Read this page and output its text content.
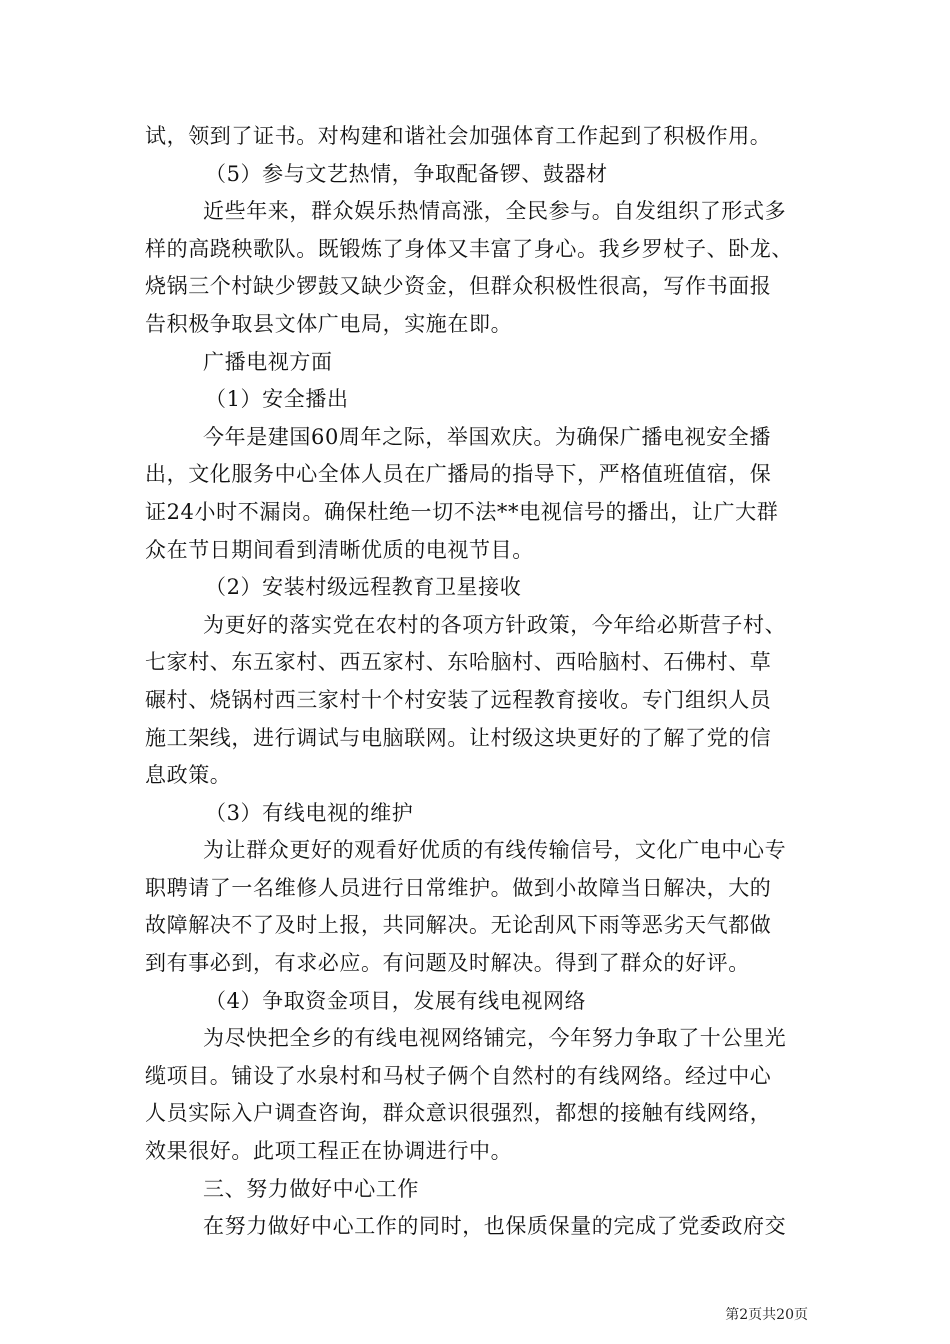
试，领到了证书。对构建和谐社会加强体育工作起到了积极作用。
（5）参与文艺热情，争取配备锣、鼓器材
近些年来，群众娱乐热情高涨，全民参与。自发组织了形式多
样的高跷秧歌队。既锻炼了身体又丰富了身心。我乡罗杖子、卧龙、
烧锅三个村缺少锣鼓又缺少资金，但群众积极性很高，写作书面报
告积极争取县文体广电局，实施在即。
广播电视方面
（1）安全播出
今年是建国60周年之际，举国欢庆。为确保广播电视安全播
出，文化服务中心全体人员在广播局的指导下，严格值班值宿，保
证24小时不漏岗。确保杜绝一切不法**电视信号的播出，让广大群
众在节日期间看到清晰优质的电视节目。
（2）安装村级远程教育卫星接收
为更好的落实党在农村的各项方针政策，今年给必斯营子村、
七家村、东五家村、西五家村、东哈脑村、西哈脑村、石佛村、草
碾村、烧锅村西三家村十个村安装了远程教育接收。专门组织人员
施工架线，进行调试与电脑联网。让村级这块更好的了解了党的信
息政策。
（3）有线电视的维护
为让群众更好的观看好优质的有线传输信号，文化广电中心专
职聘请了一名维修人员进行日常维护。做到小故障当日解决，大的
故障解决不了及时上报，共同解决。无论刮风下雨等恶劣天气都做
到有事必到，有求必应。有问题及时解决。得到了群众的好评。
（4）争取资金项目，发展有线电视网络
为尽快把全乡的有线电视网络铺完，今年努力争取了十公里光
缆项目。铺设了水泉村和马杖子俩个自然村的有线网络。经过中心
人员实际入户调查咨询，群众意识很强烈，都想的接触有线网络，
效果很好。此项工程正在协调进行中。
三、努力做好中心工作
在努力做好中心工作的同时，也保质保量的完成了党委政府交
第2页共20页
